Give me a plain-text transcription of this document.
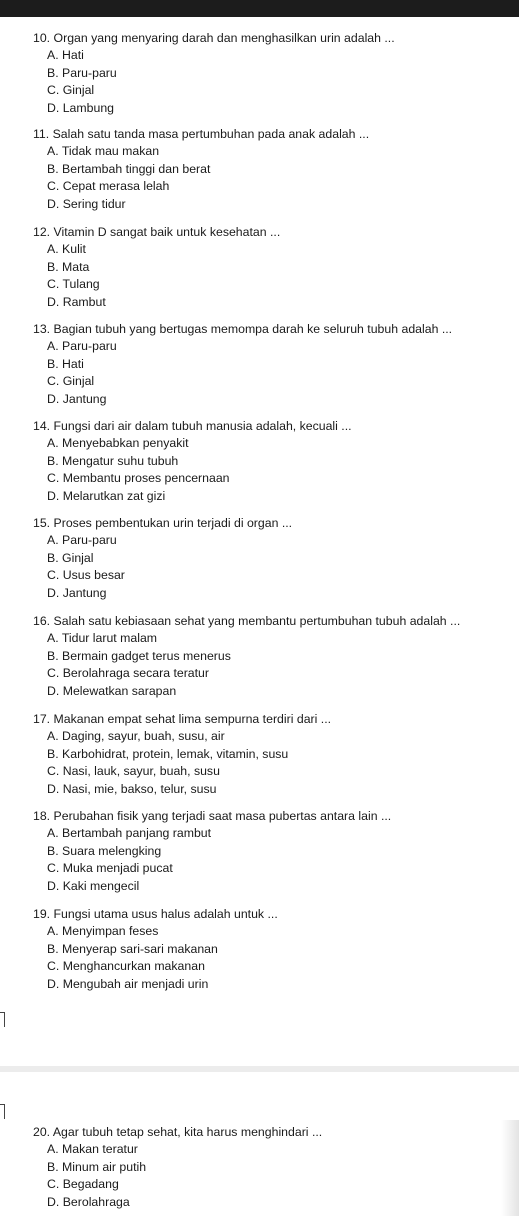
10. Organ yang menyaring darah dan menghasilkan urin adalah ...

A. Hati

B. Paru-paru

C. Ginjal

D. Lambung

11. Salah satu tanda masa pertumbuhan pada anak adalah ...

A. Tidak mau makan

B. Bertambah tinggi dan berat

C. Cepat merasa lelah

D. Sering tidur

12. Vitamin D sangat baik untuk kesehatan ...

A. Kulit

B. Mata

C. Tulang

D. Rambut

13. Bagian tubuh yang bertugas memompa darah ke seluruh tubuh adalah ...

A. Paru-paru

B. Hati

C. Ginjal

D. Jantung

14. Fungsi dari air dalam tubuh manusia adalah, kecuali ...

A. Menyebabkan penyakit

B. Mengatur suhu tubuh

C. Membantu proses pencernaan

D. Melarutkan zat gizi

15. Proses pembentukan urin terjadi di organ ...

A. Paru-paru

B. Ginjal

C. Usus besar

D. Jantung

16. Salah satu kebiasaan sehat yang membantu pertumbuhan tubuh adalah ...

A. Tidur larut malam

B. Bermain gadget terus menerus

C. Berolahraga secara teratur

D. Melewatkan sarapan

17. Makanan empat sehat lima sempurna terdiri dari ...

A. Daging, sayur, buah, susu, air

B. Karbohidrat, protein, lemak, vitamin, susu

C. Nasi, lauk, sayur, buah, susu

D. Nasi, mie, bakso, telur, susu

18. Perubahan fisik yang terjadi saat masa pubertas antara lain ...

A. Bertambah panjang rambut

B. Suara melengking

C. Muka menjadi pucat

D. Kaki mengecil

19. Fungsi utama usus halus adalah untuk ...

A. Menyimpan feses

B. Menyerap sari-sari makanan

C. Menghancurkan makanan

D. Mengubah air menjadi urin

20. Agar tubuh tetap sehat, kita harus menghindari ...

A. Makan teratur

B. Minum air putih

C. Begadang

D. Berolahraga
